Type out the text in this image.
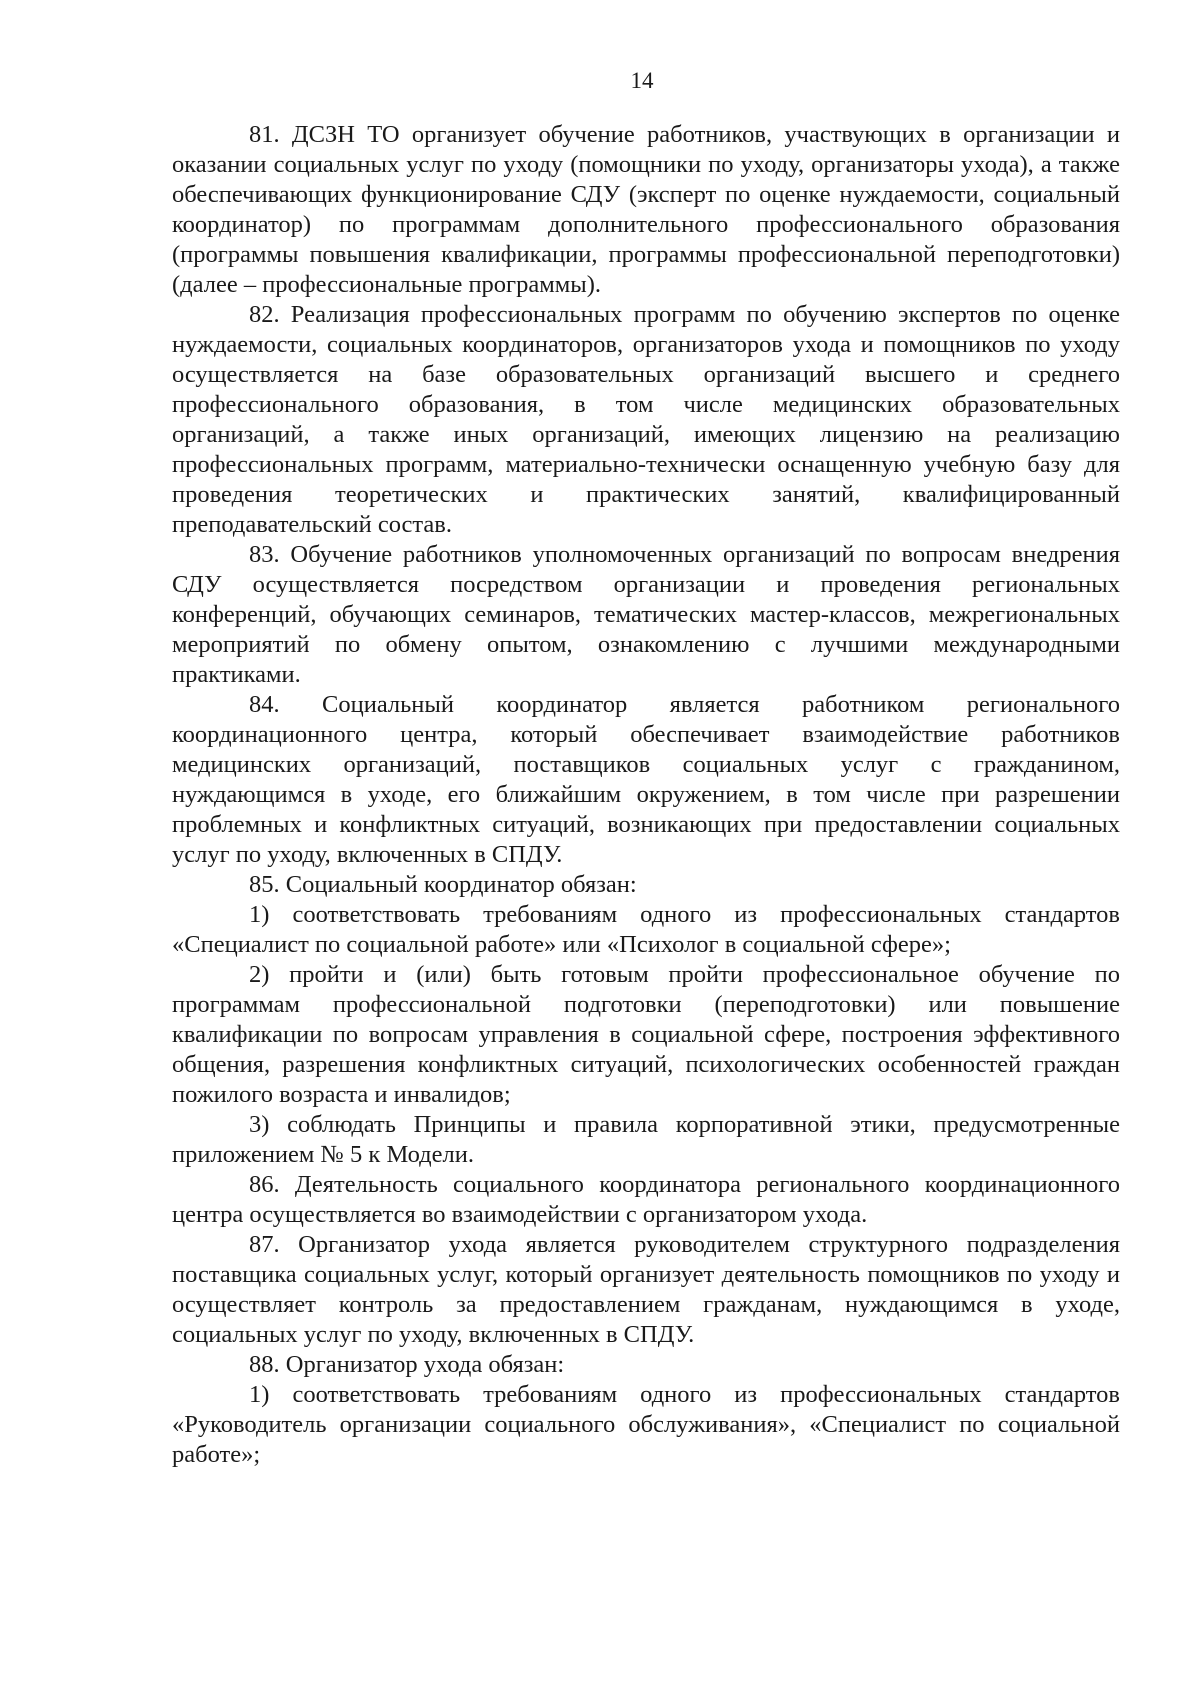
14

81. ДСЗН ТО организует обучение работников, участвующих в организации и оказании социальных услуг по уходу (помощники по уходу, организаторы ухода), а также обеспечивающих функционирование СДУ (эксперт по оценке нуждаемости, социальный координатор) по программам дополнительного профессионального образования (программы повышения квалификации, программы профессиональной переподготовки) (далее – профессиональные программы).

82. Реализация профессиональных программ по обучению экспертов по оценке нуждаемости, социальных координаторов, организаторов ухода и помощников по уходу осуществляется на базе образовательных организаций высшего и среднего профессионального образования, в том числе медицинских образовательных организаций, а также иных организаций, имеющих лицензию на реализацию профессиональных программ, материально-технически оснащенную учебную базу для проведения теоретических и практических занятий, квалифицированный преподавательский состав.

83. Обучение работников уполномоченных организаций по вопросам внедрения СДУ осуществляется посредством организации и проведения региональных конференций, обучающих семинаров, тематических мастер-классов, межрегиональных мероприятий по обмену опытом, ознакомлению с лучшими международными практиками.

84. Социальный координатор является работником регионального координационного центра, который обеспечивает взаимодействие работников медицинских организаций, поставщиков социальных услуг с гражданином, нуждающимся в уходе, его ближайшим окружением, в том числе при разрешении проблемных и конфликтных ситуаций, возникающих при предоставлении социальных услуг по уходу, включенных в СПДУ.

85. Социальный координатор обязан:

1) соответствовать требованиям одного из профессиональных стандартов «Специалист по социальной работе» или «Психолог в социальной сфере»;

2) пройти и (или) быть готовым пройти профессиональное обучение по программам профессиональной подготовки (переподготовки) или повышение квалификации по вопросам управления в социальной сфере, построения эффективного общения, разрешения конфликтных ситуаций, психологических особенностей граждан пожилого возраста и инвалидов;

3) соблюдать Принципы и правила корпоративной этики, предусмотренные приложением № 5 к Модели.

86. Деятельность социального координатора регионального координационного центра осуществляется во взаимодействии с организатором ухода.

87. Организатор ухода является руководителем структурного подразделения поставщика социальных услуг, который организует деятельность помощников по уходу и осуществляет контроль за предоставлением гражданам, нуждающимся в уходе, социальных услуг по уходу, включенных в СПДУ.

88. Организатор ухода обязан:

1) соответствовать требованиям одного из профессиональных стандартов «Руководитель организации социального обслуживания», «Специалист по социальной работе»;
